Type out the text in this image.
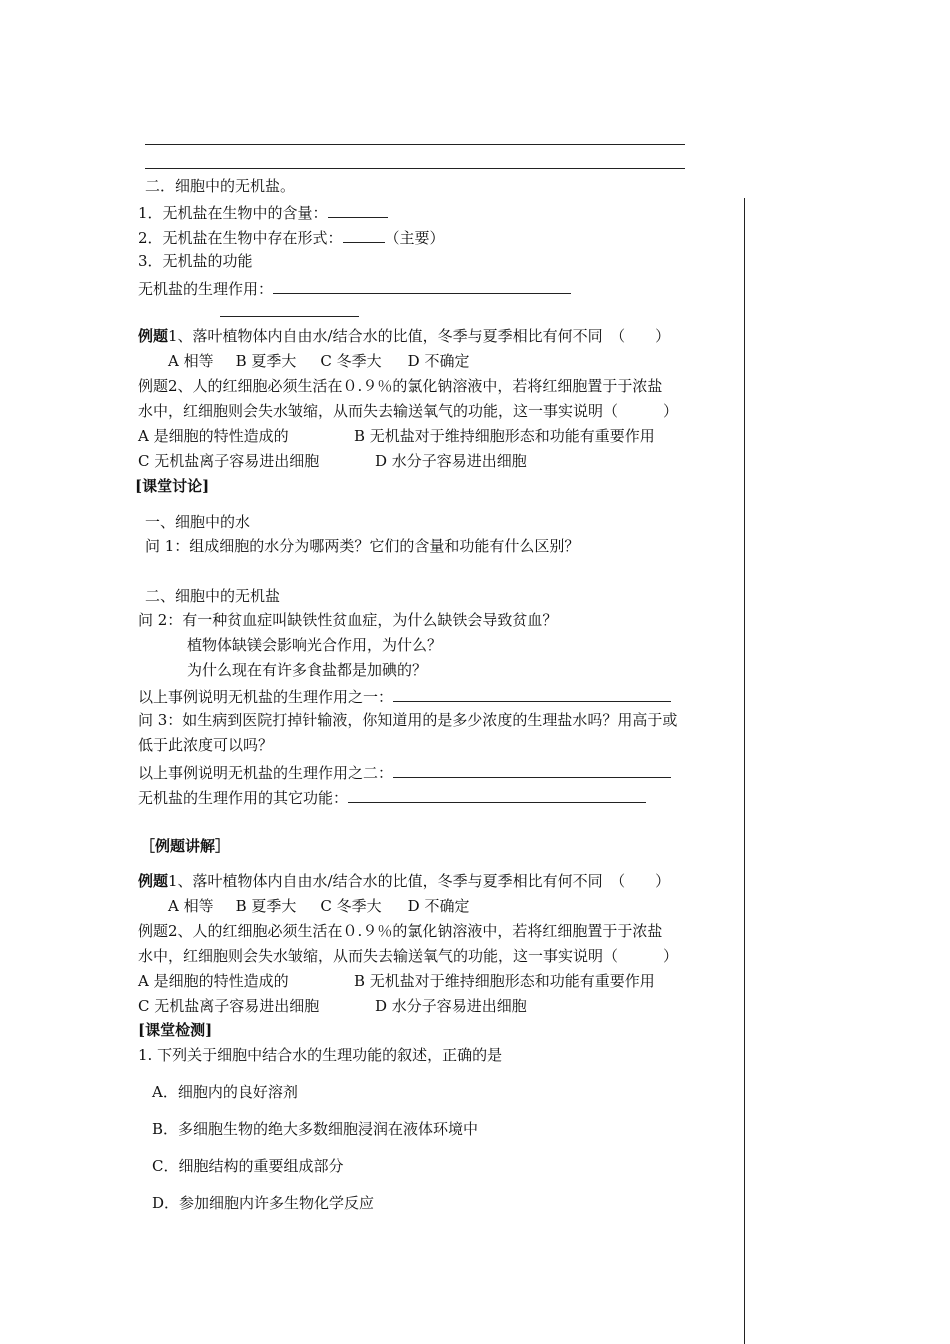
二．细胞中的无机盐。
1．无机盐在生物中的含量：
2．无机盐在生物中存在形式：	（主要）
3．无机盐的功能
无机盐的生理作用：
例题1、落叶植物体内自由水/结合水的比值，冬季与夏季相比有何不同　（　　）
A 相等 B 夏季大 C 冬季大 D 不确定
例题2、人的红细胞必须生活在０.９％的氯化钠溶液中，若将红细胞置于于浓盐
水中，红细胞则会失水皱缩，从而失去输送氧气的功能，这一事实说明（　　　）
A 是细胞的特性造成的	B 无机盐对于维持细胞形态和功能有重要作用
C 无机盐离子容易进出细胞	D 水分子容易进出细胞
[课堂讨论]
一、细胞中的水
问 1：组成细胞的水分为哪两类？它们的含量和功能有什么区别？
二、细胞中的无机盐
问 2：有一种贫血症叫缺铁性贫血症，为什么缺铁会导致贫血？
植物体缺镁会影响光合作用，为什么？
为什么现在有许多食盐都是加碘的？
以上事例说明无机盐的生理作用之一：
问 3：如生病到医院打掉针输液，你知道用的是多少浓度的生理盐水吗？用高于或
低于此浓度可以吗？
以上事例说明无机盐的生理作用之二：
无机盐的生理作用的其它功能：
［例题讲解］
例题1、落叶植物体内自由水/结合水的比值，冬季与夏季相比有何不同　（　　）
A 相等 B 夏季大 C 冬季大 D 不确定
例题2、人的红细胞必须生活在０.９％的氯化钠溶液中，若将红细胞置于于浓盐
水中，红细胞则会失水皱缩，从而失去输送氧气的功能，这一事实说明（　　　）
A 是细胞的特性造成的	B 无机盐对于维持细胞形态和功能有重要作用
C 无机盐离子容易进出细胞	D 水分子容易进出细胞
[课堂检测]
1. 下列关于细胞中结合水的生理功能的叙述，正确的是
A．细胞内的良好溶剂
B．多细胞生物的绝大多数细胞浸润在液体环境中
C．细胞结构的重要组成部分
D．参加细胞内许多生物化学反应
